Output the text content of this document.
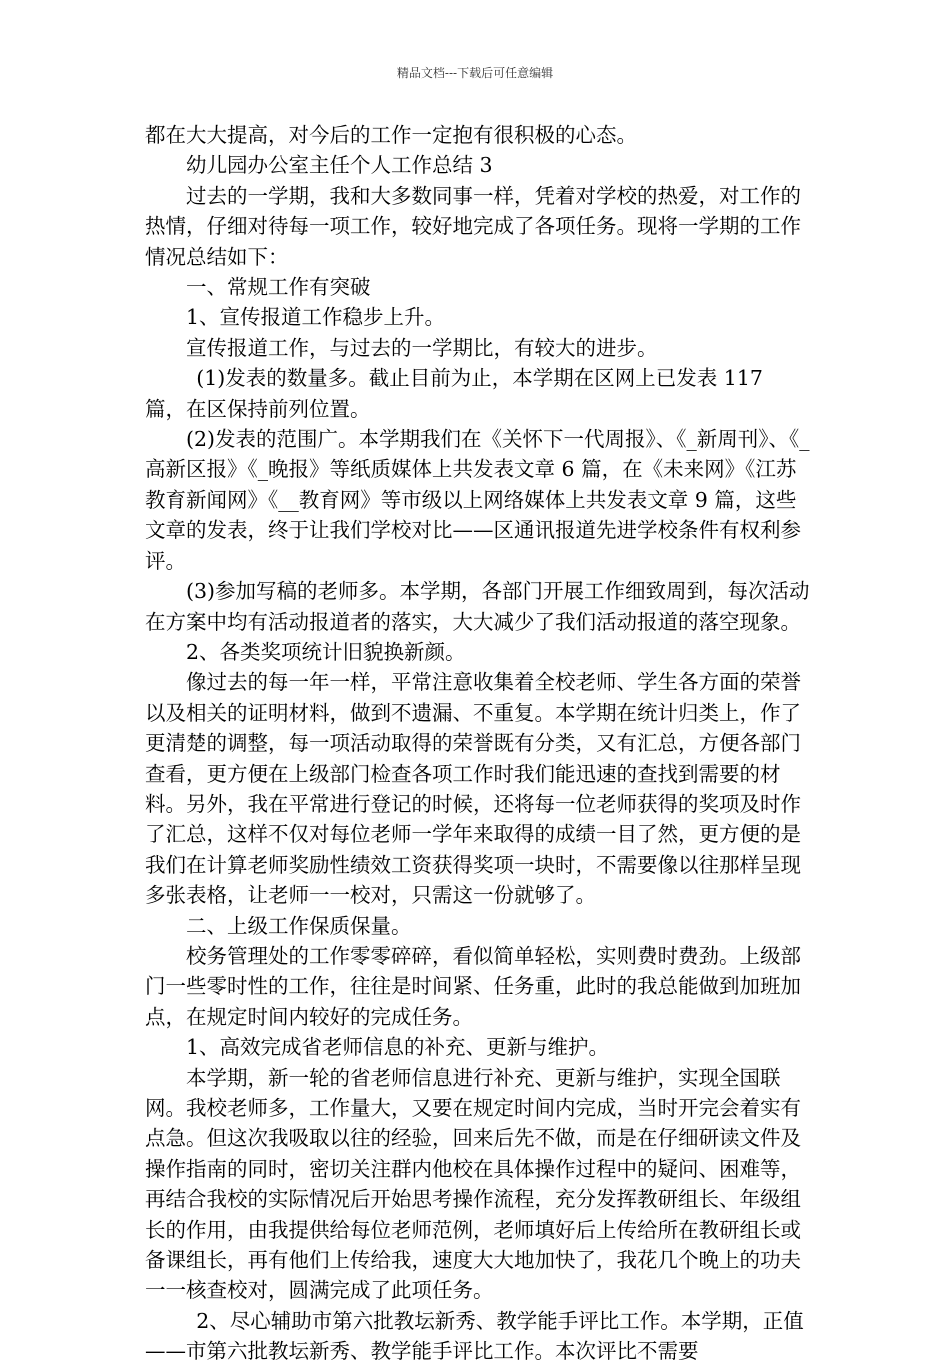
精品文档---下载后可任意编辑

都在大大提高，对今后的工作一定抱有很积极的心态。

幼儿园办公室主任个人工作总结 3

过去的一学期，我和大多数同事一样，凭着对学校的热爱，对工作的热情，仔细对待每一项工作，较好地完成了各项任务。现将一学期的工作情况总结如下：

一、常规工作有突破

1、宣传报道工作稳步上升。

宣传报道工作，与过去的一学期比，有较大的进步。

(1)发表的数量多。截止目前为止，本学期在区网上已发表 117 篇，在区保持前列位置。

(2)发表的范围广。本学期我们在《关怀下一代周报》、《_新周刊》、《_高新区报》《_晚报》等纸质媒体上共发表文章 6 篇，在《未来网》《江苏教育新闻网》《__教育网》等市级以上网络媒体上共发表文章 9 篇，这些文章的发表，终于让我们学校对比——区通讯报道先进学校条件有权利参评。

(3)参加写稿的老师多。本学期，各部门开展工作细致周到，每次活动在方案中均有活动报道者的落实，大大减少了我们活动报道的落空现象。

2、各类奖项统计旧貌换新颜。

像过去的每一年一样，平常注意收集着全校老师、学生各方面的荣誉以及相关的证明材料，做到不遗漏、不重复。本学期在统计归类上，作了更清楚的调整，每一项活动取得的荣誉既有分类，又有汇总，方便各部门查看，更方便在上级部门检查各项工作时我们能迅速的查找到需要的材料。另外，我在平常进行登记的时候，还将每一位老师获得的奖项及时作了汇总，这样不仅对每位老师一学年来取得的成绩一目了然，更方便的是我们在计算老师奖励性绩效工资获得奖项一块时，不需要像以往那样呈现多张表格，让老师一一校对，只需这一份就够了。

二、上级工作保质保量。

校务管理处的工作零零碎碎，看似简单轻松，实则费时费劲。上级部门一些零时性的工作，往往是时间紧、任务重，此时的我总能做到加班加点，在规定时间内较好的完成任务。

1、高效完成省老师信息的补充、更新与维护。

本学期，新一轮的省老师信息进行补充、更新与维护，实现全国联网。我校老师多，工作量大，又要在规定时间内完成，当时开完会着实有点急。但这次我吸取以往的经验，回来后先不做，而是在仔细研读文件及操作指南的同时，密切关注群内他校在具体操作过程中的疑问、困难等，再结合我校的实际情况后开始思考操作流程，充分发挥教研组长、年级组长的作用，由我提供给每位老师范例，老师填好后上传给所在教研组长或备课组长，再有他们上传给我，速度大大地加快了，我花几个晚上的功夫一一核查校对，圆满完成了此项任务。

2、尽心辅助市第六批教坛新秀、教学能手评比工作。本学期，正值——市第六批教坛新秀、教学能手评比工作。本次评比不需要
